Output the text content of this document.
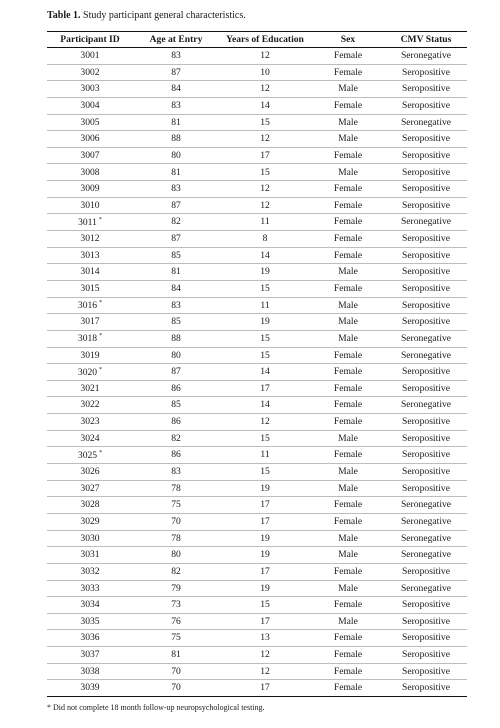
Table 1. Study participant general characteristics.
Participant ID	Age at Entry	Years of Education	Sex	CMV Status
3001	83	12	Female	Seronegative
3002	87	10	Female	Seropositive
3003	84	12	Male	Seropositive
3004	83	14	Female	Seropositive
3005	81	15	Male	Seronegative
3006	88	12	Male	Seropositive
3007	80	17	Female	Seropositive
3008	81	15	Male	Seropositive
3009	83	12	Female	Seropositive
3010	87	12	Female	Seropositive
3011 *	82	11	Female	Seronegative
3012	87	8	Female	Seropositive
3013	85	14	Female	Seropositive
3014	81	19	Male	Seropositive
3015	84	15	Female	Seropositive
3016 *	83	11	Male	Seropositive
3017	85	19	Male	Seropositive
3018 *	88	15	Male	Seronegative
3019	80	15	Female	Seronegative
3020 *	87	14	Female	Seropositive
3021	86	17	Female	Seropositive
3022	85	14	Female	Seronegative
3023	86	12	Female	Seropositive
3024	82	15	Male	Seropositive
3025 *	86	11	Female	Seropositive
3026	83	15	Male	Seropositive
3027	78	19	Male	Seropositive
3028	75	17	Female	Seronegative
3029	70	17	Female	Seronegative
3030	78	19	Male	Seronegative
3031	80	19	Male	Seronegative
3032	82	17	Female	Seropositive
3033	79	19	Male	Seronegative
3034	73	15	Female	Seropositive
3035	76	17	Male	Seropositive
3036	75	13	Female	Seropositive
3037	81	12	Female	Seropositive
3038	70	12	Female	Seropositive
3039	70	17	Female	Seropositive
* Did not complete 18 month follow-up neuropsychological testing.
